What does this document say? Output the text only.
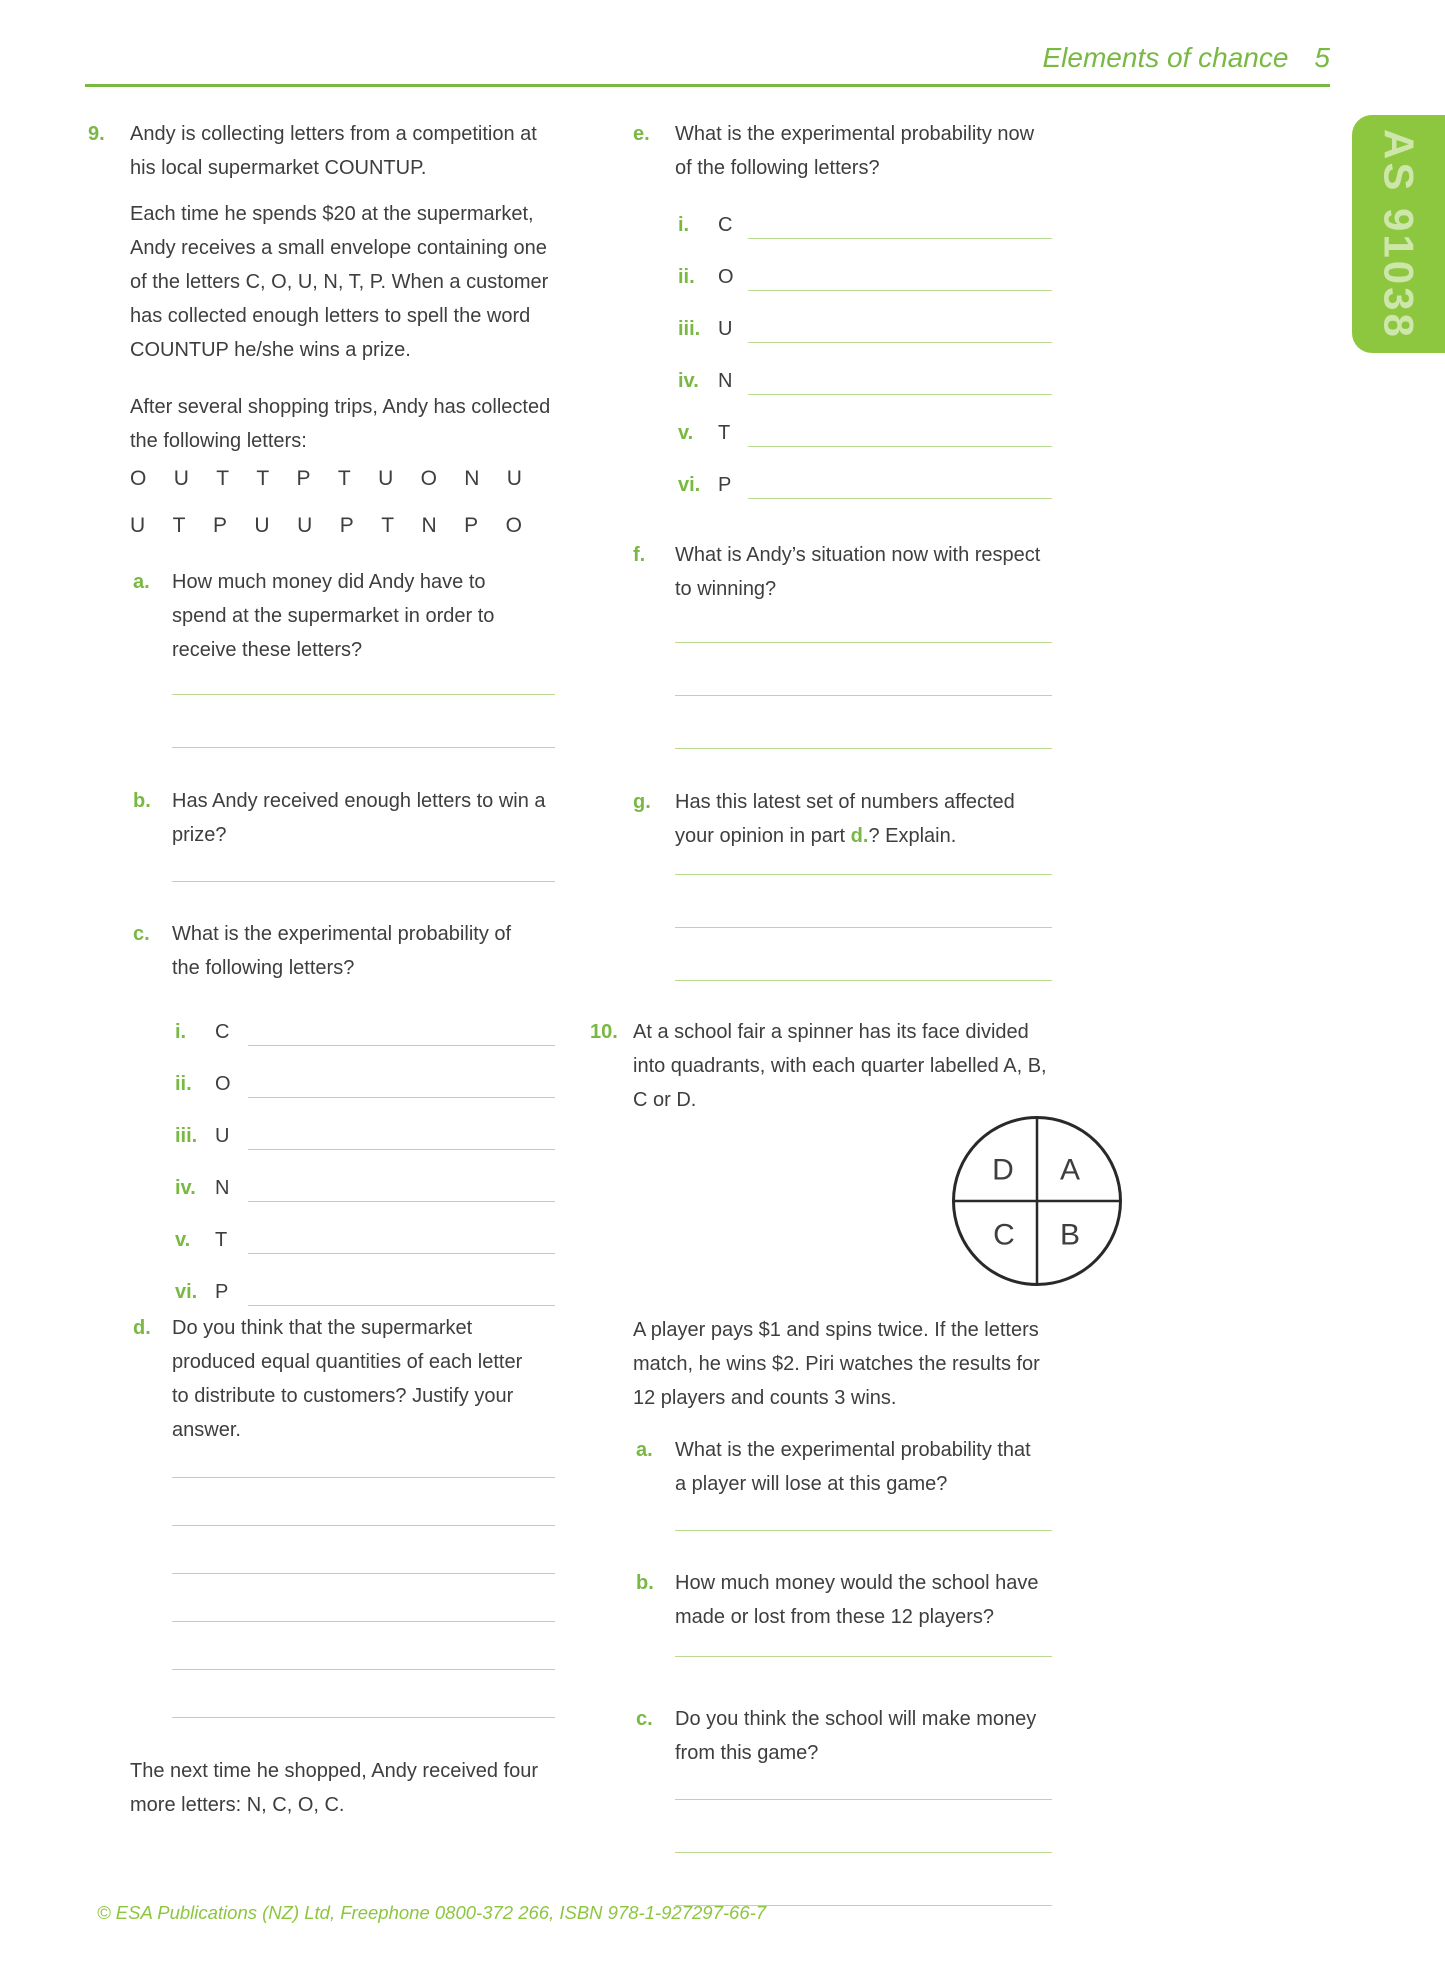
Elements of chance 5
AS 91038
9.	Andy is collecting letters from a competition at
his local supermarket COUNTUP.
Each time he spends $20 at the supermarket,
Andy receives a small envelope containing one
of the letters C, O, U, N, T, P. When a customer
has collected enough letters to spell the word
COUNTUP he/she wins a prize.
After several shopping trips, Andy has collected
the following letters:
O U T T P T U O N U
U T P U U P T N P O
a.	How much money did Andy have to
spend at the supermarket in order to
receive these letters?
b.	Has Andy received enough letters to win a
prize?
c.	What is the experimental probability of
the following letters?
i.	C
ii.	O
iii. U
iv. N
v.	T
vi. P
d.	Do you think that the supermarket
produced equal quantities of each letter
to distribute to customers? Justify your
answer.
The next time he shopped, Andy received four
more letters: N, C, O, C.
e.	What is the experimental probability now
of the following letters?
i.	C
ii.	O
iii. U
iv. N
v.	T
vi. P
f.	What is Andy’s situation now with respect
to winning?
g.	Has this latest set of numbers affected
your opinion in part d.? Explain.
10. At a school fair a spinner has its face divided
into quadrants, with each quarter labelled A, B,
C or D.
D A
C B
A player pays $1 and spins twice. If the letters
match, he wins $2. Piri watches the results for
12 players and counts 3 wins.
a.	What is the experimental probability that
a player will lose at this game?
b.	How much money would the school have
made or lost from these 12 players?
c.	Do you think the school will make money
from this game?
© ESA Publications (NZ) Ltd, Freephone 0800-372 266, ISBN 978-1-927297-66-7
